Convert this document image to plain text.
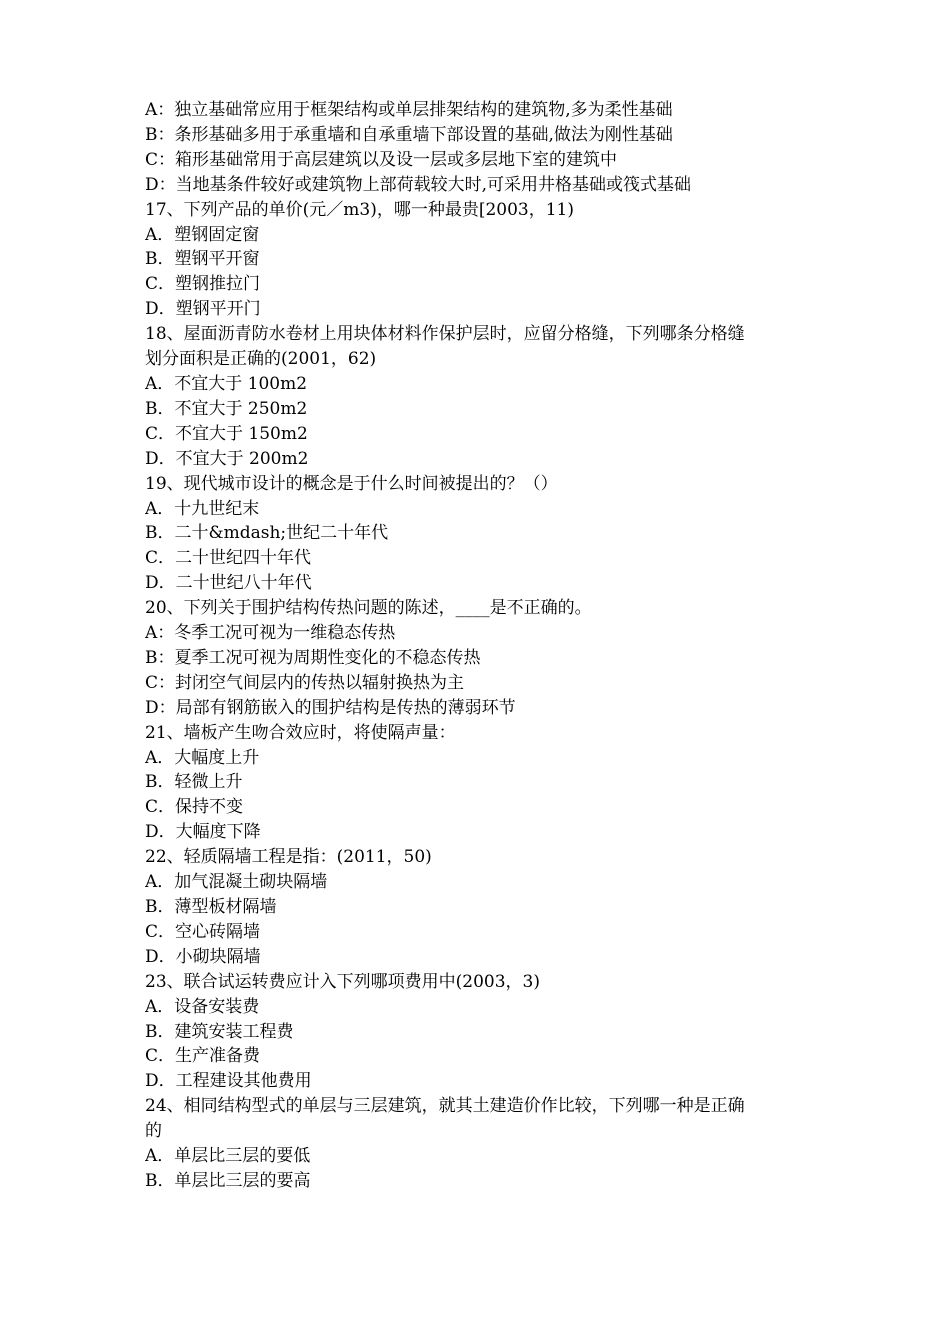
A：独立基础常应用于框架结构或单层排架结构的建筑物,多为柔性基础
B：条形基础多用于承重墙和自承重墙下部设置的基础,做法为刚性基础
C：箱形基础常用于高层建筑以及设一层或多层地下室的建筑中
D：当地基条件较好或建筑物上部荷载较大时,可采用井格基础或筏式基础
17、下列产品的单价(元／m3)，哪一种最贵[2003，11)
A．塑钢固定窗
B．塑钢平开窗
C．塑钢推拉门
D．塑钢平开门
18、屋面沥青防水卷材上用块体材料作保护层时，应留分格缝，下列哪条分格缝
划分面积是正确的(2001，62)
A．不宜大于 100m2
B．不宜大于 250m2
C．不宜大于 150m2
D．不宜大于 200m2
19、现代城市设计的概念是于什么时间被提出的？（）
A．十九世纪末
B．二十&mdash;世纪二十年代
C．二十世纪四十年代
D．二十世纪八十年代
20、下列关于围护结构传热问题的陈述，____是不正确的。
A：冬季工况可视为一维稳态传热
B：夏季工况可视为周期性变化的不稳态传热
C：封闭空气间层内的传热以辐射换热为主
D：局部有钢筋嵌入的围护结构是传热的薄弱环节
21、墙板产生吻合效应时，将使隔声量：
A．大幅度上升
B．轻微上升
C．保持不变
D．大幅度下降
22、轻质隔墙工程是指：(2011，50)
A．加气混凝土砌块隔墙
B．薄型板材隔墙
C．空心砖隔墙
D．小砌块隔墙
23、联合试运转费应计入下列哪项费用中(2003，3)
A．设备安装费
B．建筑安装工程费
C．生产准备费
D．工程建设其他费用
24、相同结构型式的单层与三层建筑，就其土建造价作比较，下列哪一种是正确
的
A．单层比三层的要低
B．单层比三层的要高
